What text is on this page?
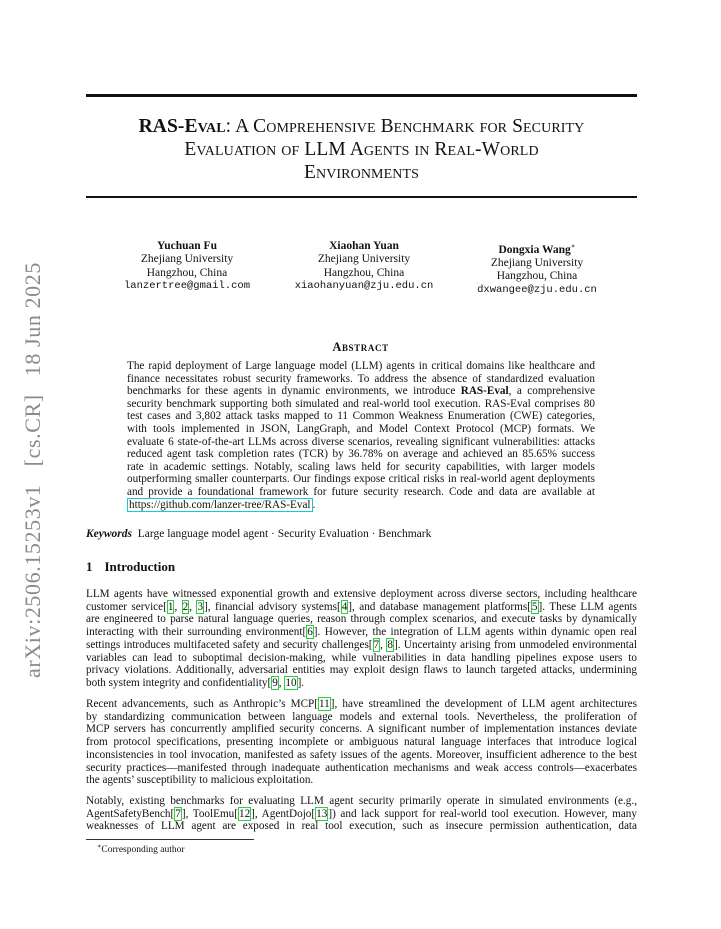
arXiv:2506.15253v1 [cs.CR] 18 Jun 2025
RAS-Eval: A Comprehensive Benchmark for Security
Evaluation of LLM Agents in Real-World
Environments
Yuchuan Fu
Zhejiang University
Hangzhou, China
lanzertree@gmail.com
Xiaohan Yuan
Zhejiang University
Hangzhou, China
xiaohanyuan@zju.edu.cn
Dongxia Wang∗
Zhejiang University
Hangzhou, China
dxwangee@zju.edu.cn
Abstract
The rapid deployment of Large language model (LLM) agents in critical domains like healthcare and
finance necessitates robust security frameworks. To address the absence of standardized evaluation
benchmarks for these agents in dynamic environments, we introduce RAS-Eval, a comprehensive
security benchmark supporting both simulated and real-world tool execution. RAS-Eval comprises 80
test cases and 3,802 attack tasks mapped to 11 Common Weakness Enumeration (CWE) categories,
with tools implemented in JSON, LangGraph, and Model Context Protocol (MCP) formats. We
evaluate 6 state-of-the-art LLMs across diverse scenarios, revealing significant vulnerabilities: attacks
reduced agent task completion rates (TCR) by 36.78% on average and achieved an 85.65% success
rate in academic settings. Notably, scaling laws held for security capabilities, with larger models
outperforming smaller counterparts. Our findings expose critical risks in real-world agent deployments
and provide a foundational framework for future security research. Code and data are available at
https://github.com/lanzer-tree/RAS-Eval .
Keywords Large language model agent · Security Evaluation · Benchmark
1 Introduction
LLM agents have witnessed exponential growth and extensive deployment across diverse sectors, including healthcare
customer service[1, 2, 3], financial advisory systems[4], and database management platforms[5]. These LLM agents
are engineered to parse natural language queries, reason through complex scenarios, and execute tasks by dynamically
interacting with their surrounding environment[6]. However, the integration of LLM agents within dynamic open real
settings introduces multifaceted safety and security challenges[7, 8]. Uncertainty arising from unmodeled environmental
variables can lead to suboptimal decision-making, while vulnerabilities in data handling pipelines expose users to
privacy violations. Additionally, adversarial entities may exploit design flaws to launch targeted attacks, undermining
both system integrity and confidentiality[9, 10].
Recent advancements, such as Anthropic’s MCP[11], have streamlined the development of LLM agent architectures
by standardizing communication between language models and external tools. Nevertheless, the proliferation of
MCP servers has concurrently amplified security concerns. A significant number of implementation instances deviate
from protocol specifications, presenting incomplete or ambiguous natural language interfaces that introduce logical
inconsistencies in tool invocation, manifested as safety issues of the agents. Moreover, insufficient adherence to the best
security practices—manifested through inadequate authentication mechanisms and weak access controls—exacerbates
the agents’ susceptibility to malicious exploitation.
Notably, existing benchmarks for evaluating LLM agent security primarily operate in simulated environments (e.g.,
AgentSafetyBench[7], ToolEmu[12], AgentDojo[13]) and lack support for real-world tool execution. However, many
weaknesses of LLM agent are exposed in real tool execution, such as insecure permission authentication, data
∗Corresponding author
